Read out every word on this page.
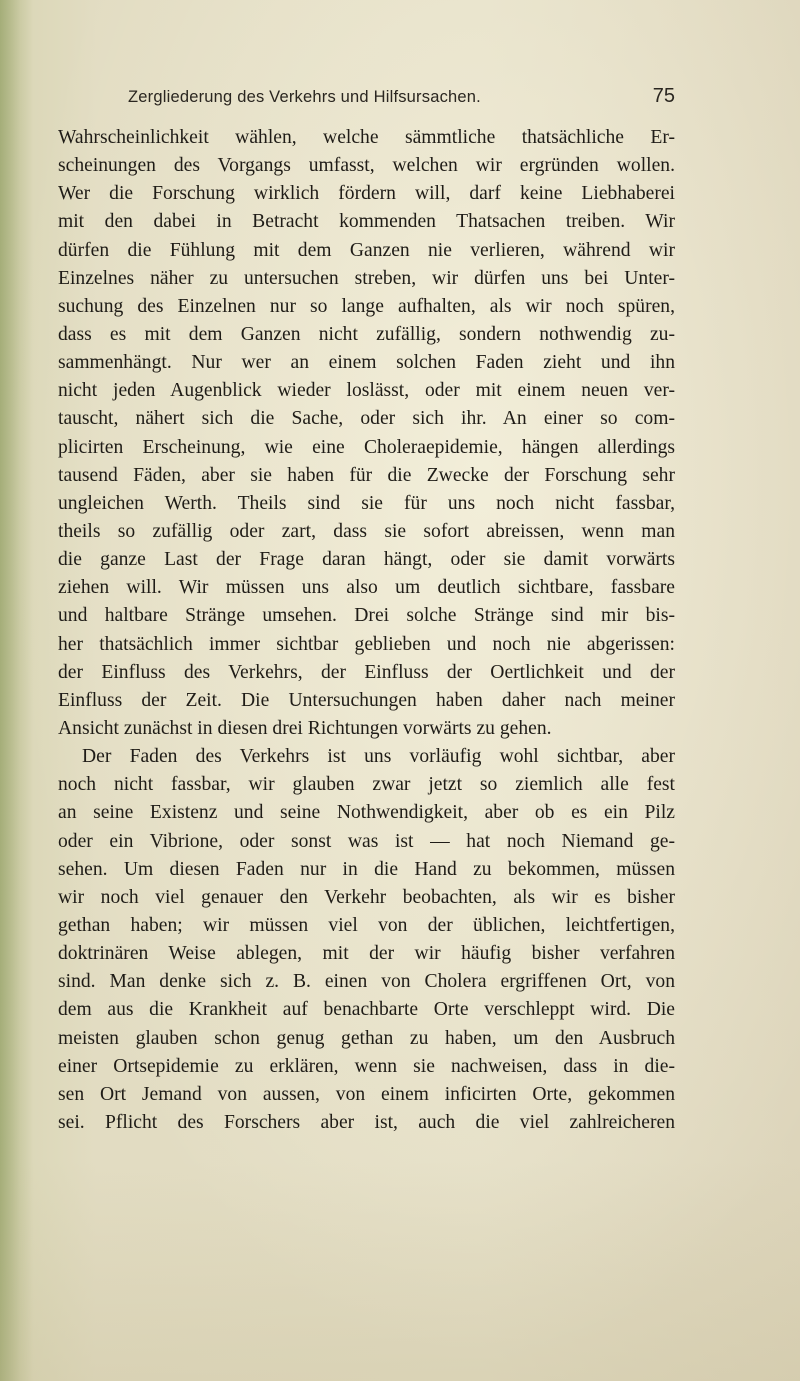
Zergliederung des Verkehrs und Hilfsursachen.	75
Wahrscheinlichkeit wählen, welche sämmtliche thatsächliche Er-
scheinungen des Vorgangs umfasst, welchen wir ergründen wollen.
Wer die Forschung wirklich fördern will, darf keine Liebhaberei
mit den dabei in Betracht kommenden Thatsachen treiben. Wir
dürfen die Fühlung mit dem Ganzen nie verlieren, während wir
Einzelnes näher zu untersuchen streben, wir dürfen uns bei Unter-
suchung des Einzelnen nur so lange aufhalten, als wir noch spüren,
dass es mit dem Ganzen nicht zufällig, sondern nothwendig zu-
sammenhängt. Nur wer an einem solchen Faden zieht und ihn
nicht jeden Augenblick wieder loslässt, oder mit einem neuen ver-
tauscht, nähert sich die Sache, oder sich ihr. An einer so com-
plicirten Erscheinung, wie eine Choleraepidemie, hängen allerdings
tausend Fäden, aber sie haben für die Zwecke der Forschung sehr
ungleichen Werth. Theils sind sie für uns noch nicht fassbar,
theils so zufällig oder zart, dass sie sofort abreissen, wenn man
die ganze Last der Frage daran hängt, oder sie damit vorwärts
ziehen will. Wir müssen uns also um deutlich sichtbare, fassbare
und haltbare Stränge umsehen. Drei solche Stränge sind mir bis-
her thatsächlich immer sichtbar geblieben und noch nie abgerissen:
der Einfluss des Verkehrs, der Einfluss der Oertlichkeit und der
Einfluss der Zeit. Die Untersuchungen haben daher nach meiner
Ansicht zunächst in diesen drei Richtungen vorwärts zu gehen.
Der Faden des Verkehrs ist uns vorläufig wohl sichtbar, aber
noch nicht fassbar, wir glauben zwar jetzt so ziemlich alle fest
an seine Existenz und seine Nothwendigkeit, aber ob es ein Pilz
oder ein Vibrione, oder sonst was ist — hat noch Niemand ge-
sehen. Um diesen Faden nur in die Hand zu bekommen, müssen
wir noch viel genauer den Verkehr beobachten, als wir es bisher
gethan haben; wir müssen viel von der üblichen, leichtfertigen,
doktrinären Weise ablegen, mit der wir häufig bisher verfahren
sind. Man denke sich z. B. einen von Cholera ergriffenen Ort, von
dem aus die Krankheit auf benachbarte Orte verschleppt wird. Die
meisten glauben schon genug gethan zu haben, um den Ausbruch
einer Ortsepidemie zu erklären, wenn sie nachweisen, dass in die-
sen Ort Jemand von aussen, von einem inficirten Orte, gekommen
sei. Pflicht des Forschers aber ist, auch die viel zahlreicheren
